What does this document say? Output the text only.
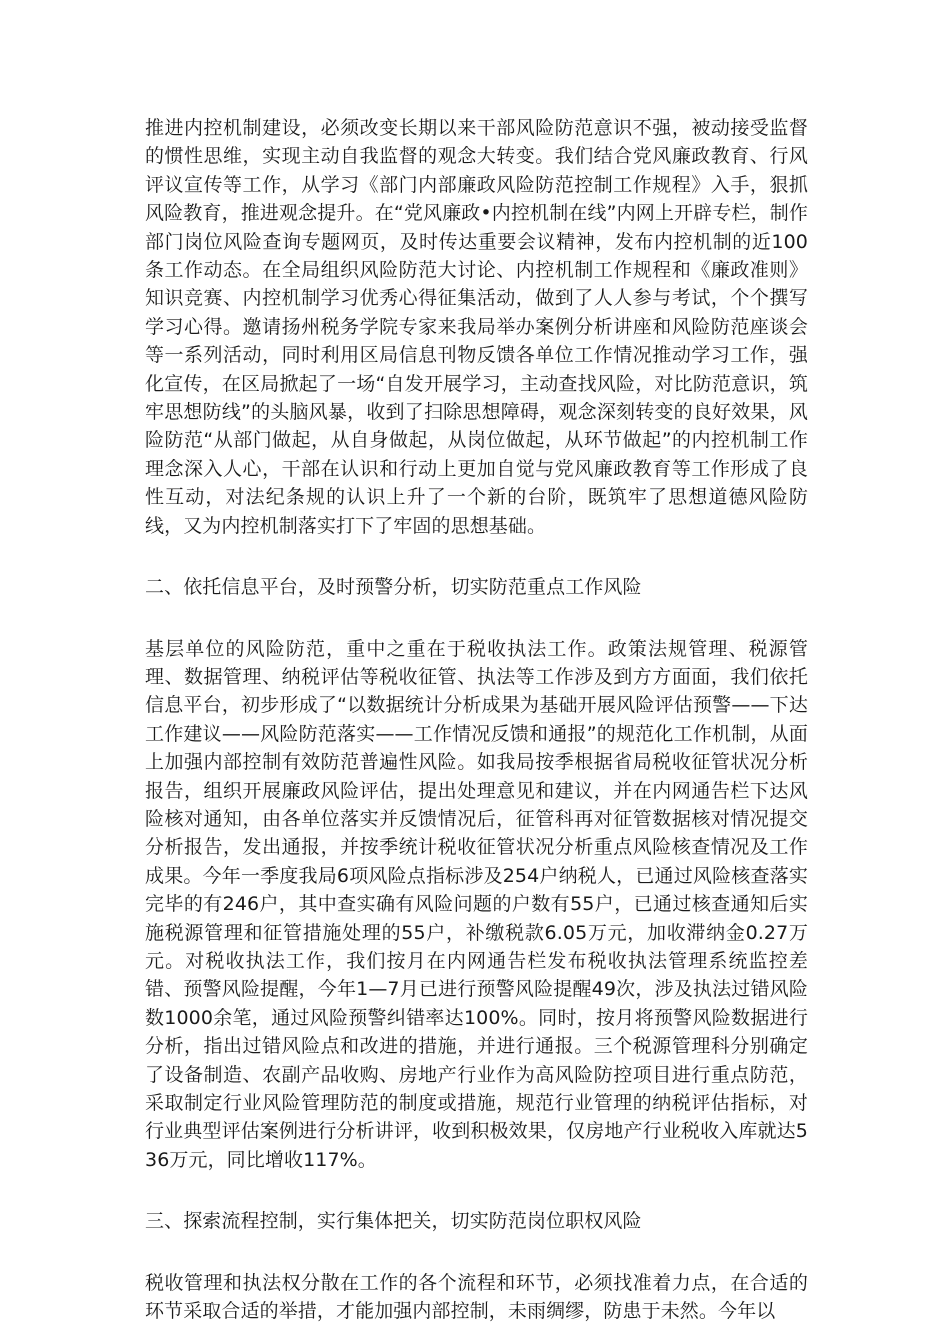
推进内控机制建设，必须改变长期以来干部风险防范意识不强，被动接受监督的惯性思维，实现主动自我监督的观念大转变。我们结合党风廉政教育、行风评议宣传等工作，从学习《部门内部廉政风险防范控制工作规程》入手，狠抓风险教育，推进观念提升。在“党风廉政•内控机制在线”内网上开辟专栏，制作部门岗位风险查询专题网页，及时传达重要会议精神，发布内控机制的近100条工作动态。在全局组织风险防范大讨论、内控机制工作规程和《廉政准则》知识竞赛、内控机制学习优秀心得征集活动，做到了人人参与考试，个个撰写学习心得。邀请扬州税务学院专家来我局举办案例分析讲座和风险防范座谈会等一系列活动，同时利用区局信息刊物反馈各单位工作情况推动学习工作，强化宣传，在区局掀起了一场“自发开展学习，主动查找风险，对比防范意识，筑牢思想防线”的头脑风暴，收到了扫除思想障碍，观念深刻转变的良好效果，风险防范“从部门做起，从自身做起，从岗位做起，从环节做起”的内控机制工作理念深入人心，干部在认识和行动上更加自觉与党风廉政教育等工作形成了良性互动，对法纪条规的认识上升了一个新的台阶，既筑牢了思想道德风险防线，又为内控机制落实打下了牢固的思想基础。

二、依托信息平台，及时预警分析，切实防范重点工作风险

基层单位的风险防范，重中之重在于税收执法工作。政策法规管理、税源管理、数据管理、纳税评估等税收征管、执法等工作涉及到方方面面，我们依托信息平台，初步形成了“以数据统计分析成果为基础开展风险评估预警——下达工作建议——风险防范落实——工作情况反馈和通报”的规范化工作机制，从面上加强内部控制有效防范普遍性风险。如我局按季根据省局税收征管状况分析报告，组织开展廉政风险评估，提出处理意见和建议，并在内网通告栏下达风险核对通知，由各单位落实并反馈情况后，征管科再对征管数据核对情况提交分析报告，发出通报，并按季统计税收征管状况分析重点风险核查情况及工作成果。今年一季度我局6项风险点指标涉及254户纳税人，已通过风险核查落实完毕的有246户，其中查实确有风险问题的户数有55户，已通过核查通知后实施税源管理和征管措施处理的55户，补缴税款6.05万元，加收滞纳金0.27万元。对税收执法工作，我们按月在内网通告栏发布税收执法管理系统监控差错、预警风险提醒，今年1—7月已进行预警风险提醒49次，涉及执法过错风险数1000余笔，通过风险预警纠错率达100%。同时，按月将预警风险数据进行分析，指出过错风险点和改进的措施，并进行通报。三个税源管理科分别确定了设备制造、农副产品收购、房地产行业作为高风险防控项目进行重点防范，采取制定行业风险管理防范的制度或措施，规范行业管理的纳税评估指标，对行业典型评估案例进行分析讲评，收到积极效果，仅房地产行业税收入库就达536万元，同比增收117%。

三、探索流程控制，实行集体把关，切实防范岗位职权风险

税收管理和执法权分散在工作的各个流程和环节，必须找准着力点，在合适的环节采取合适的举措，才能加强内部控制，未雨绸缪，防患于未然。今年以
